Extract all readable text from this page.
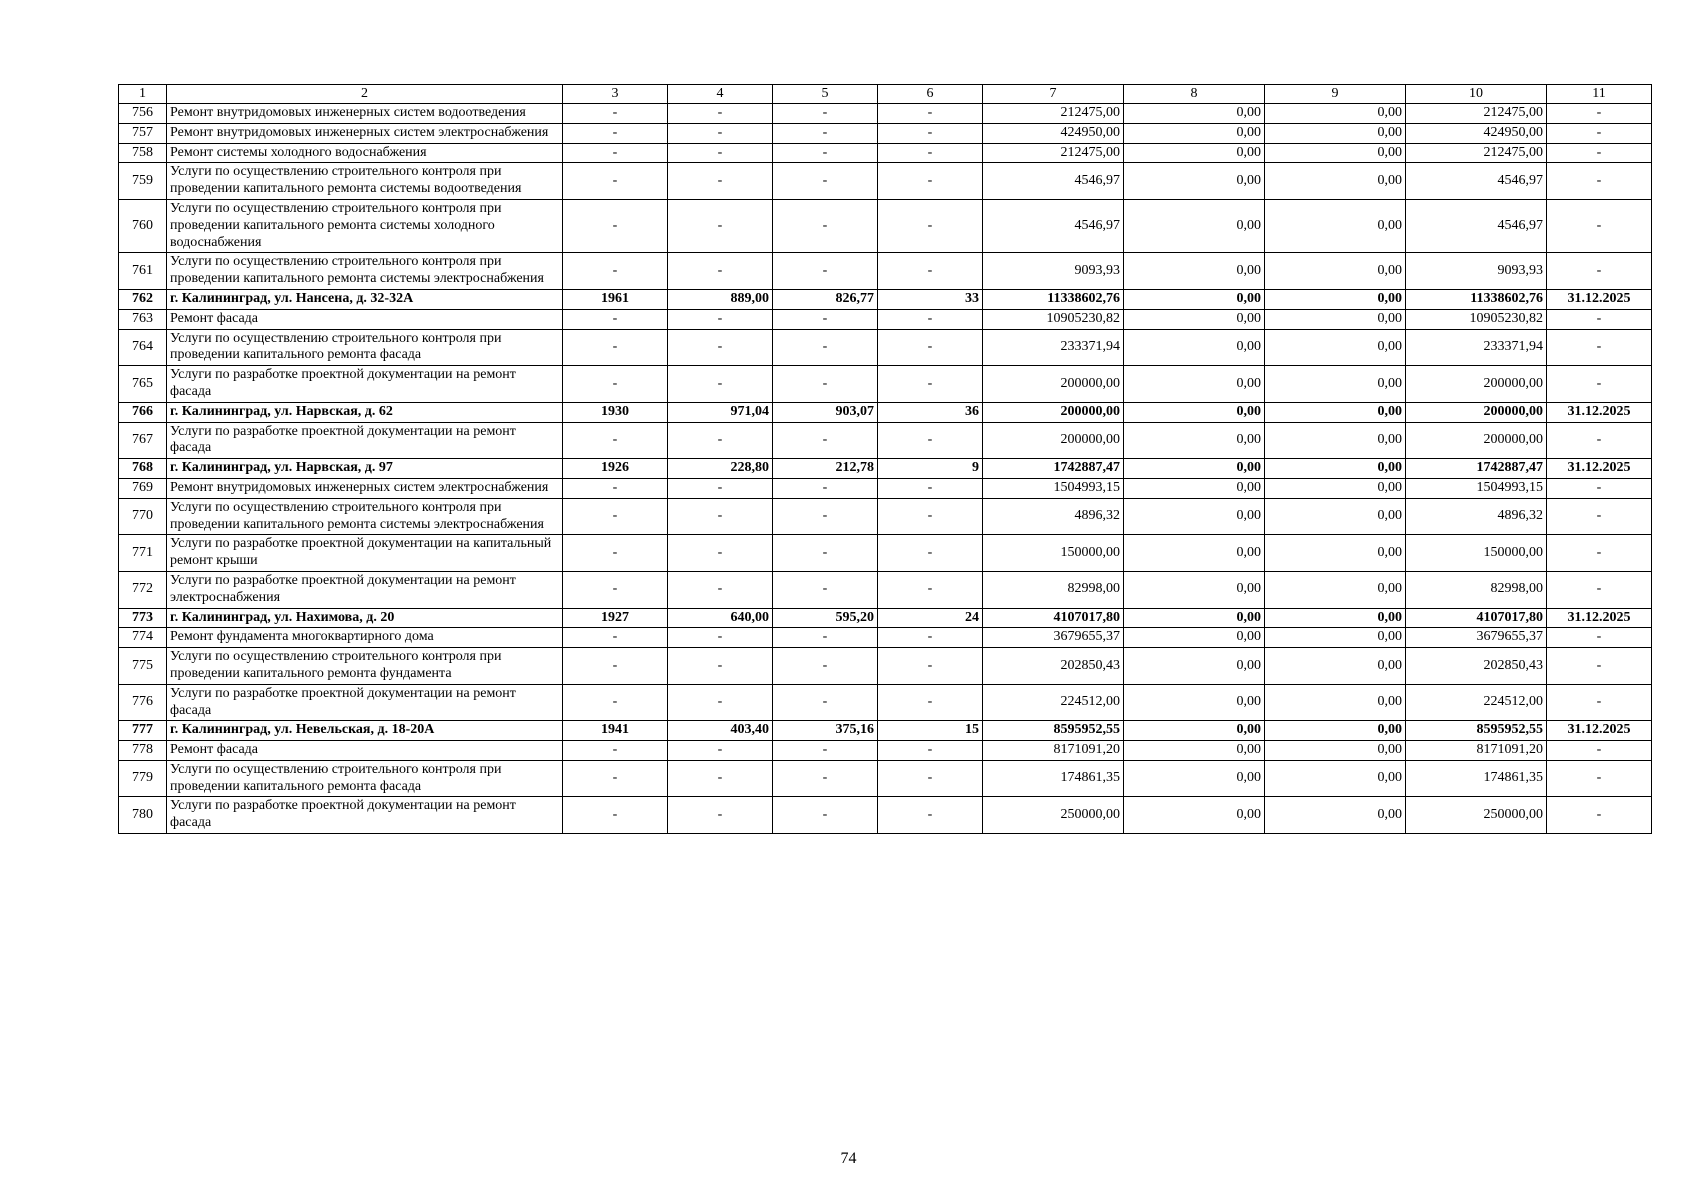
1	2	3	4	5	6	7	8	9	10	11
756	Ремонт внутридомовых инженерных систем водоотведения	-	-	-	-	212475,00	0,00	0,00	212475,00	-
757	Ремонт внутридомовых инженерных систем электроснабжения	-	-	-	-	424950,00	0,00	0,00	424950,00	-
758	Ремонт системы холодного водоснабжения	-	-	-	-	212475,00	0,00	0,00	212475,00	-
759	Услуги по осуществлению строительного контроля при проведении капитального ремонта системы водоотведения	-	-	-	-	4546,97	0,00	0,00	4546,97	-
760	Услуги по осуществлению строительного контроля при проведении капитального ремонта системы холодного водоснабжения	-	-	-	-	4546,97	0,00	0,00	4546,97	-
761	Услуги по осуществлению строительного контроля при проведении капитального ремонта системы электроснабжения	-	-	-	-	9093,93	0,00	0,00	9093,93	-
762	г. Калининград, ул. Нансена, д. 32-32А	1961	889,00	826,77	33	11338602,76	0,00	0,00	11338602,76	31.12.2025
763	Ремонт фасада	-	-	-	-	10905230,82	0,00	0,00	10905230,82	-
764	Услуги по осуществлению строительного контроля при проведении капитального ремонта фасада	-	-	-	-	233371,94	0,00	0,00	233371,94	-
765	Услуги по разработке проектной документации на ремонт фасада	-	-	-	-	200000,00	0,00	0,00	200000,00	-
766	г. Калининград, ул. Нарвская, д. 62	1930	971,04	903,07	36	200000,00	0,00	0,00	200000,00	31.12.2025
767	Услуги по разработке проектной документации на ремонт фасада	-	-	-	-	200000,00	0,00	0,00	200000,00	-
768	г. Калининград, ул. Нарвская, д. 97	1926	228,80	212,78	9	1742887,47	0,00	0,00	1742887,47	31.12.2025
769	Ремонт внутридомовых инженерных систем электроснабжения	-	-	-	-	1504993,15	0,00	0,00	1504993,15	-
770	Услуги по осуществлению строительного контроля при проведении капитального ремонта системы электроснабжения	-	-	-	-	4896,32	0,00	0,00	4896,32	-
771	Услуги по разработке проектной документации на капитальный ремонт крыши	-	-	-	-	150000,00	0,00	0,00	150000,00	-
772	Услуги по разработке проектной документации на ремонт электроснабжения	-	-	-	-	82998,00	0,00	0,00	82998,00	-
773	г. Калининград, ул. Нахимова, д. 20	1927	640,00	595,20	24	4107017,80	0,00	0,00	4107017,80	31.12.2025
774	Ремонт фундамента многоквартирного дома	-	-	-	-	3679655,37	0,00	0,00	3679655,37	-
775	Услуги по осуществлению строительного контроля при проведении капитального ремонта фундамента	-	-	-	-	202850,43	0,00	0,00	202850,43	-
776	Услуги по разработке проектной документации на ремонт фасада	-	-	-	-	224512,00	0,00	0,00	224512,00	-
777	г. Калининград, ул. Невельская, д. 18-20А	1941	403,40	375,16	15	8595952,55	0,00	0,00	8595952,55	31.12.2025
778	Ремонт фасада	-	-	-	-	8171091,20	0,00	0,00	8171091,20	-
779	Услуги по осуществлению строительного контроля при проведении капитального ремонта фасада	-	-	-	-	174861,35	0,00	0,00	174861,35	-
780	Услуги по разработке проектной документации на ремонт фасада	-	-	-	-	250000,00	0,00	0,00	250000,00	-
74
